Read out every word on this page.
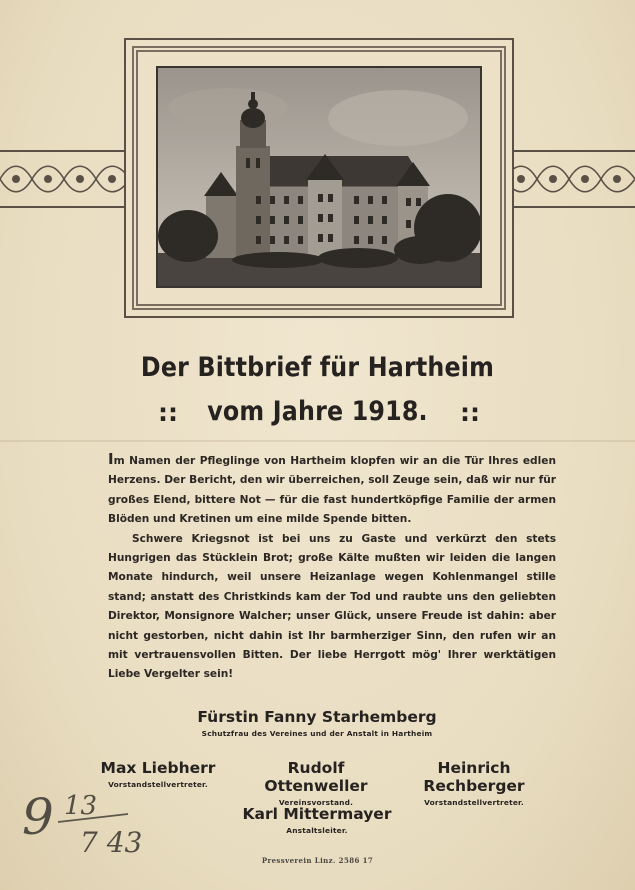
Der Bittbrief für Hartheim
vom Jahre 1918.
::	::

Im Namen der Pfleglinge von Hartheim klopfen wir an die Tür Ihres edlen Herzens. Der Bericht, den wir überreichen, soll Zeuge sein, daß wir nur für großes Elend, bittere Not — für die fast hundertköpfige Familie der armen Blöden und Kretinen um eine milde Spende bitten.

Schwere Kriegsnot ist bei uns zu Gaste und verkürzt den stets Hungrigen das Stücklein Brot; große Kälte mußten wir leiden die langen Monate hindurch, weil unsere Heizanlage wegen Kohlenmangel stille stand; anstatt des Christkinds kam der Tod und raubte uns den geliebten Direktor, Monsignore Walcher; unser Glück, unsere Freude ist dahin: aber nicht gestorben, nicht dahin ist Ihr barmherziger Sinn, den rufen wir an mit vertrauensvollen Bitten. Der liebe Herrgott mög' Ihrer werktätigen Liebe Vergelter sein!

Fürstin Fanny Starhemberg
Schutzfrau des Vereines und der Anstalt in Hartheim
Max Liebherr
Vorstandstellvertreter.
Rudolf Ottenweller
Vereinsvorstand.
Heinrich Rechberger
Vorstandstellvertreter.
Karl Mittermayer
Anstaltsleiter.
9 13
7 43
Pressverein Linz. 2586 17
